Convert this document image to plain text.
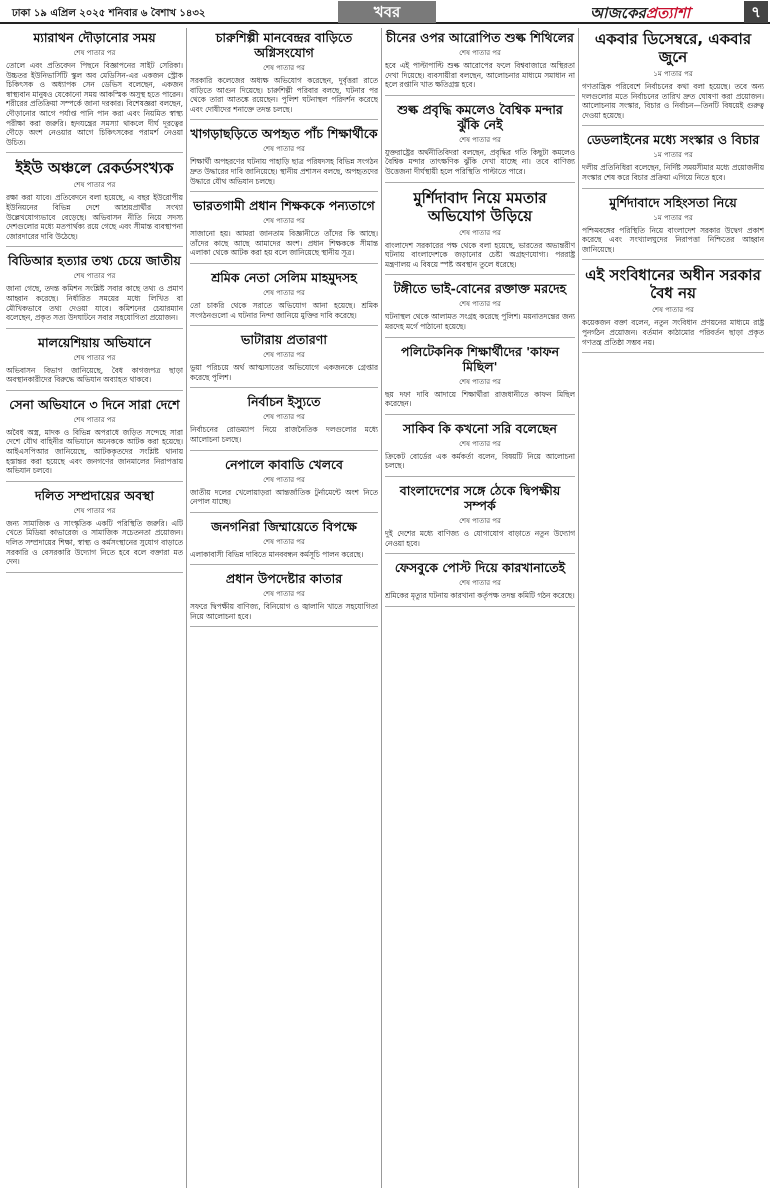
ঢাকা ১৯ এপ্রিল ২০২৫ শনিবার ৬ বৈশাখ ১৪৩২	খবর	আজকেরপ্রত্যাশা	৭
ম্যারাথন দৌড়ানোর সময়
শেষ পাতার পর
তোলে এবং প্রতিবেদন পিছনে বিজ্ঞাপনের সাইট সেরিকা। উচ্চতর ইউনিভার্সিটি স্কুল অব মেডিসিন-এর একজন স্ট্রোক চিকিৎসক ও অধ্যাপক সেন ডেভিস বলেছেন, একজন স্বাস্থ্যবান মানুষও যেকোনো সময় আকস্মিক অসুস্থ হতে পারেন। শরীরের প্রতিক্রিয়া সম্পর্কে জানা দরকার। বিশেষজ্ঞরা বলছেন, দৌড়ানোর আগে পর্যাপ্ত পানি পান করা এবং নিয়মিত স্বাস্থ্য পরীক্ষা করা জরুরি। হৃদযন্ত্রের সমস্যা থাকলে দীর্ঘ দূরত্বের দৌড়ে অংশ নেওয়ার আগে চিকিৎসকের পরামর্শ নেওয়া উচিত।
ইইউ অঞ্চলে রেকর্ডসংখ্যক
শেষ পাতার পর
রক্ষা করা যাবে। প্রতিবেদনে বলা হয়েছে, এ বছর ইউরোপীয় ইউনিয়নের বিভিন্ন দেশে আশ্রয়প্রার্থীর সংখ্যা উল্লেখযোগ্যভাবে বেড়েছে। অভিবাসন নীতি নিয়ে সদস্য দেশগুলোর মধ্যে মতপার্থক্য রয়ে গেছে এবং সীমান্ত ব্যবস্থাপনা জোরদারের দাবি উঠেছে।
বিডিআর হত্যার তথ্য চেয়ে জাতীয়
শেষ পাতার পর
জানা গেছে, তদন্ত কমিশন সংশ্লিষ্ট সবার কাছে তথ্য ও প্রমাণ আহ্বান করেছে। নির্ধারিত সময়ের মধ্যে লিখিত বা মৌখিকভাবে তথ্য দেওয়া যাবে। কমিশনের চেয়ারম্যান বলেছেন, প্রকৃত সত্য উদঘাটনে সবার সহযোগিতা প্রয়োজন।
মালয়েশিয়ায় অভিযানে
শেষ পাতার পর
অভিবাসন বিভাগ জানিয়েছে, বৈধ কাগজপত্র ছাড়া অবস্থানকারীদের বিরুদ্ধে অভিযান অব্যাহত থাকবে।
সেনা অভিযানে ৩ দিনে সারা দেশে
শেষ পাতার পর
অবৈধ অস্ত্র, মাদক ও বিভিন্ন অপরাধে জড়িত সন্দেহে সারা দেশে যৌথ বাহিনীর অভিযানে অনেককে আটক করা হয়েছে। আইএসপিআর জানিয়েছে, আটককৃতদের সংশ্লিষ্ট থানায় হস্তান্তর করা হয়েছে এবং জনগণের জানমালের নিরাপত্তায় অভিযান চলবে।
দলিত সম্প্রদায়ের অবস্থা
শেষ পাতার পর
জন্য সামাজিক ও সাংস্কৃতিক একটি পরিস্থিতি জরুরি। এটি খেতে মিডিয়া কাভারেজ ও সামাজিক সচেতনতা প্রয়োজন। দলিত সম্প্রদায়ের শিক্ষা, স্বাস্থ্য ও কর্মসংস্থানের সুযোগ বাড়াতে সরকারি ও বেসরকারি উদ্যোগ নিতে হবে বলে বক্তারা মত দেন।
চারুশিল্পী মানবেন্দ্রর বাড়িতে অগ্নিসংযোগ
শেষ পাতার পর
সরকারি কলেজের অধ্যক্ষ অভিযোগ করেছেন, দুর্বৃত্তরা রাতে বাড়িতে আগুন দিয়েছে। চারুশিল্পী পরিবার বলছে, ঘটনার পর থেকে তারা আতঙ্কে রয়েছেন। পুলিশ ঘটনাস্থল পরিদর্শন করেছে এবং দোষীদের শনাক্তে তদন্ত চলছে।
খাগড়াছড়িতে অপহৃত পাঁচ শিক্ষার্থীকে
শেষ পাতার পর
শিক্ষার্থী অপহরণের ঘটনায় পাহাড়ি ছাত্র পরিষদসহ বিভিন্ন সংগঠন দ্রুত উদ্ধারের দাবি জানিয়েছে। স্থানীয় প্রশাসন বলছে, অপহৃতদের উদ্ধারে যৌথ অভিযান চলছে।
ভারতগামী প্রধান শিক্ষককে পন্যতাগে
শেষ পাতার পর
সাজানো হয়। আমরা জানতাম বিজ্ঞানীতে তাঁদের কি আছে। তাঁদের কাছে আছে আমাদের অংশ। প্রধান শিক্ষককে সীমান্ত এলাকা থেকে আটক করা হয় বলে জানিয়েছে স্থানীয় সূত্র।
শ্রমিক নেতা সেলিম মাহমুদসহ
শেষ পাতার পর
তো চাকরি থেকে সরাতে অভিযোগ আনা হয়েছে। শ্রমিক সংগঠনগুলো এ ঘটনার নিন্দা জানিয়ে মুক্তির দাবি করেছে।
ভাটারায় প্রতারণা
শেষ পাতার পর
ভুয়া পরিচয়ে অর্থ আত্মসাতের অভিযোগে একজনকে গ্রেপ্তার করেছে পুলিশ।
নির্বাচন ইস্যুতে
শেষ পাতার পর
নির্বাচনের রোডম্যাপ নিয়ে রাজনৈতিক দলগুলোর মধ্যে আলোচনা চলছে।
নেপালে কাবাডি খেলবে
শেষ পাতার পর
জাতীয় দলের খেলোয়াড়রা আন্তর্জাতিক টুর্নামেন্টে অংশ নিতে নেপাল যাচ্ছে।
জনগনিরা জিম্মায়েতে বিপক্ষে
শেষ পাতার পর
এলাকাবাসী বিভিন্ন দাবিতে মানববন্ধন কর্মসূচি পালন করেছে।
প্রধান উপদেষ্টার কাতার
শেষ পাতার পর
সফরে দ্বিপক্ষীয় বাণিজ্য, বিনিয়োগ ও জ্বালানি খাতে সহযোগিতা নিয়ে আলোচনা হবে।
চীনের ওপর আরোপিত শুল্ক শিথিলের
শেষ পাতার পর
হবে এই পাল্টাপাল্টি শুল্ক আরোপের ফলে বিশ্ববাজারে অস্থিরতা দেখা দিয়েছে। ব্যবসায়ীরা বলছেন, আলোচনার মাধ্যমে সমাধান না হলে রপ্তানি খাত ক্ষতিগ্রস্ত হবে।
শুল্ক প্রবৃদ্ধি কমলেও বৈশ্বিক মন্দার ঝুঁকি নেই
শেষ পাতার পর
যুক্তরাষ্ট্রের অর্থনীতিবিদরা বলছেন, প্রবৃদ্ধির গতি কিছুটা কমলেও বৈশ্বিক মন্দার তাৎক্ষণিক ঝুঁকি দেখা যাচ্ছে না। তবে বাণিজ্য উত্তেজনা দীর্ঘস্থায়ী হলে পরিস্থিতি পাল্টাতে পারে।
মুর্শিদাবাদ নিয়ে মমতার অভিযোগ উড়িয়ে
শেষ পাতার পর
বাংলাদেশ সরকারের পক্ষ থেকে বলা হয়েছে, ভারতের অভ্যন্তরীণ ঘটনায় বাংলাদেশকে জড়ানোর চেষ্টা অগ্রহণযোগ্য। পররাষ্ট্র মন্ত্রণালয় এ বিষয়ে স্পষ্ট অবস্থান তুলে ধরেছে।
টঙ্গীতে ভাই-বোনের রক্তাক্ত মরদেহ
শেষ পাতার পর
ঘটনাস্থল থেকে আলামত সংগ্রহ করেছে পুলিশ। ময়নাতদন্তের জন্য মরদেহ মর্গে পাঠানো হয়েছে।
পলিটেকনিক শিক্ষার্থীদের 'কাফন মিছিল'
শেষ পাতার পর
ছয় দফা দাবি আদায়ে শিক্ষার্থীরা রাজধানীতে কাফন মিছিল করেছেন।
সাকিব কি কখনো সরি বলেছেন
শেষ পাতার পর
ক্রিকেট বোর্ডের এক কর্মকর্তা বলেন, বিষয়টি নিয়ে আলোচনা চলছে।
বাংলাদেশের সঙ্গে ঠেকে দ্বিপক্ষীয় সম্পর্ক
শেষ পাতার পর
দুই দেশের মধ্যে বাণিজ্য ও যোগাযোগ বাড়াতে নতুন উদ্যোগ নেওয়া হবে।
ফেসবুকে পোস্ট দিয়ে কারখানাতেই
শেষ পাতার পর
শ্রমিকের মৃত্যুর ঘটনায় কারখানা কর্তৃপক্ষ তদন্ত কমিটি গঠন করেছে।
একবার ডিসেম্বরে, একবার জুনে
১ম পাতার পর
গণতান্ত্রিক পরিবেশে নির্বাচনের কথা বলা হয়েছে। তবে অন্য দলগুলোর মতে নির্বাচনের তারিখ দ্রুত ঘোষণা করা প্রয়োজন। আলোচনায় সংস্কার, বিচার ও নির্বাচন—তিনটি বিষয়েই গুরুত্ব দেওয়া হয়েছে।
ডেডলাইনের মধ্যে সংস্কার ও বিচার
১ম পাতার পর
দলীয় প্রতিনিধিরা বলেছেন, নির্দিষ্ট সময়সীমার মধ্যে প্রয়োজনীয় সংস্কার শেষ করে বিচার প্রক্রিয়া এগিয়ে নিতে হবে।
মুর্শিদাবাদে সহিংসতা নিয়ে
১ম পাতার পর
পশ্চিমবঙ্গের পরিস্থিতি নিয়ে বাংলাদেশ সরকার উদ্বেগ প্রকাশ করেছে এবং সংখ্যালঘুদের নিরাপত্তা নিশ্চিতের আহ্বান জানিয়েছে।
এই সংবিধানের অধীন সরকার বৈধ নয়
শেষ পাতার পর
কয়েকজন বক্তা বলেন, নতুন সংবিধান প্রণয়নের মাধ্যমে রাষ্ট্র পুনর্গঠন প্রয়োজন। বর্তমান কাঠামোর পরিবর্তন ছাড়া প্রকৃত গণতন্ত্র প্রতিষ্ঠা সম্ভব নয়।
